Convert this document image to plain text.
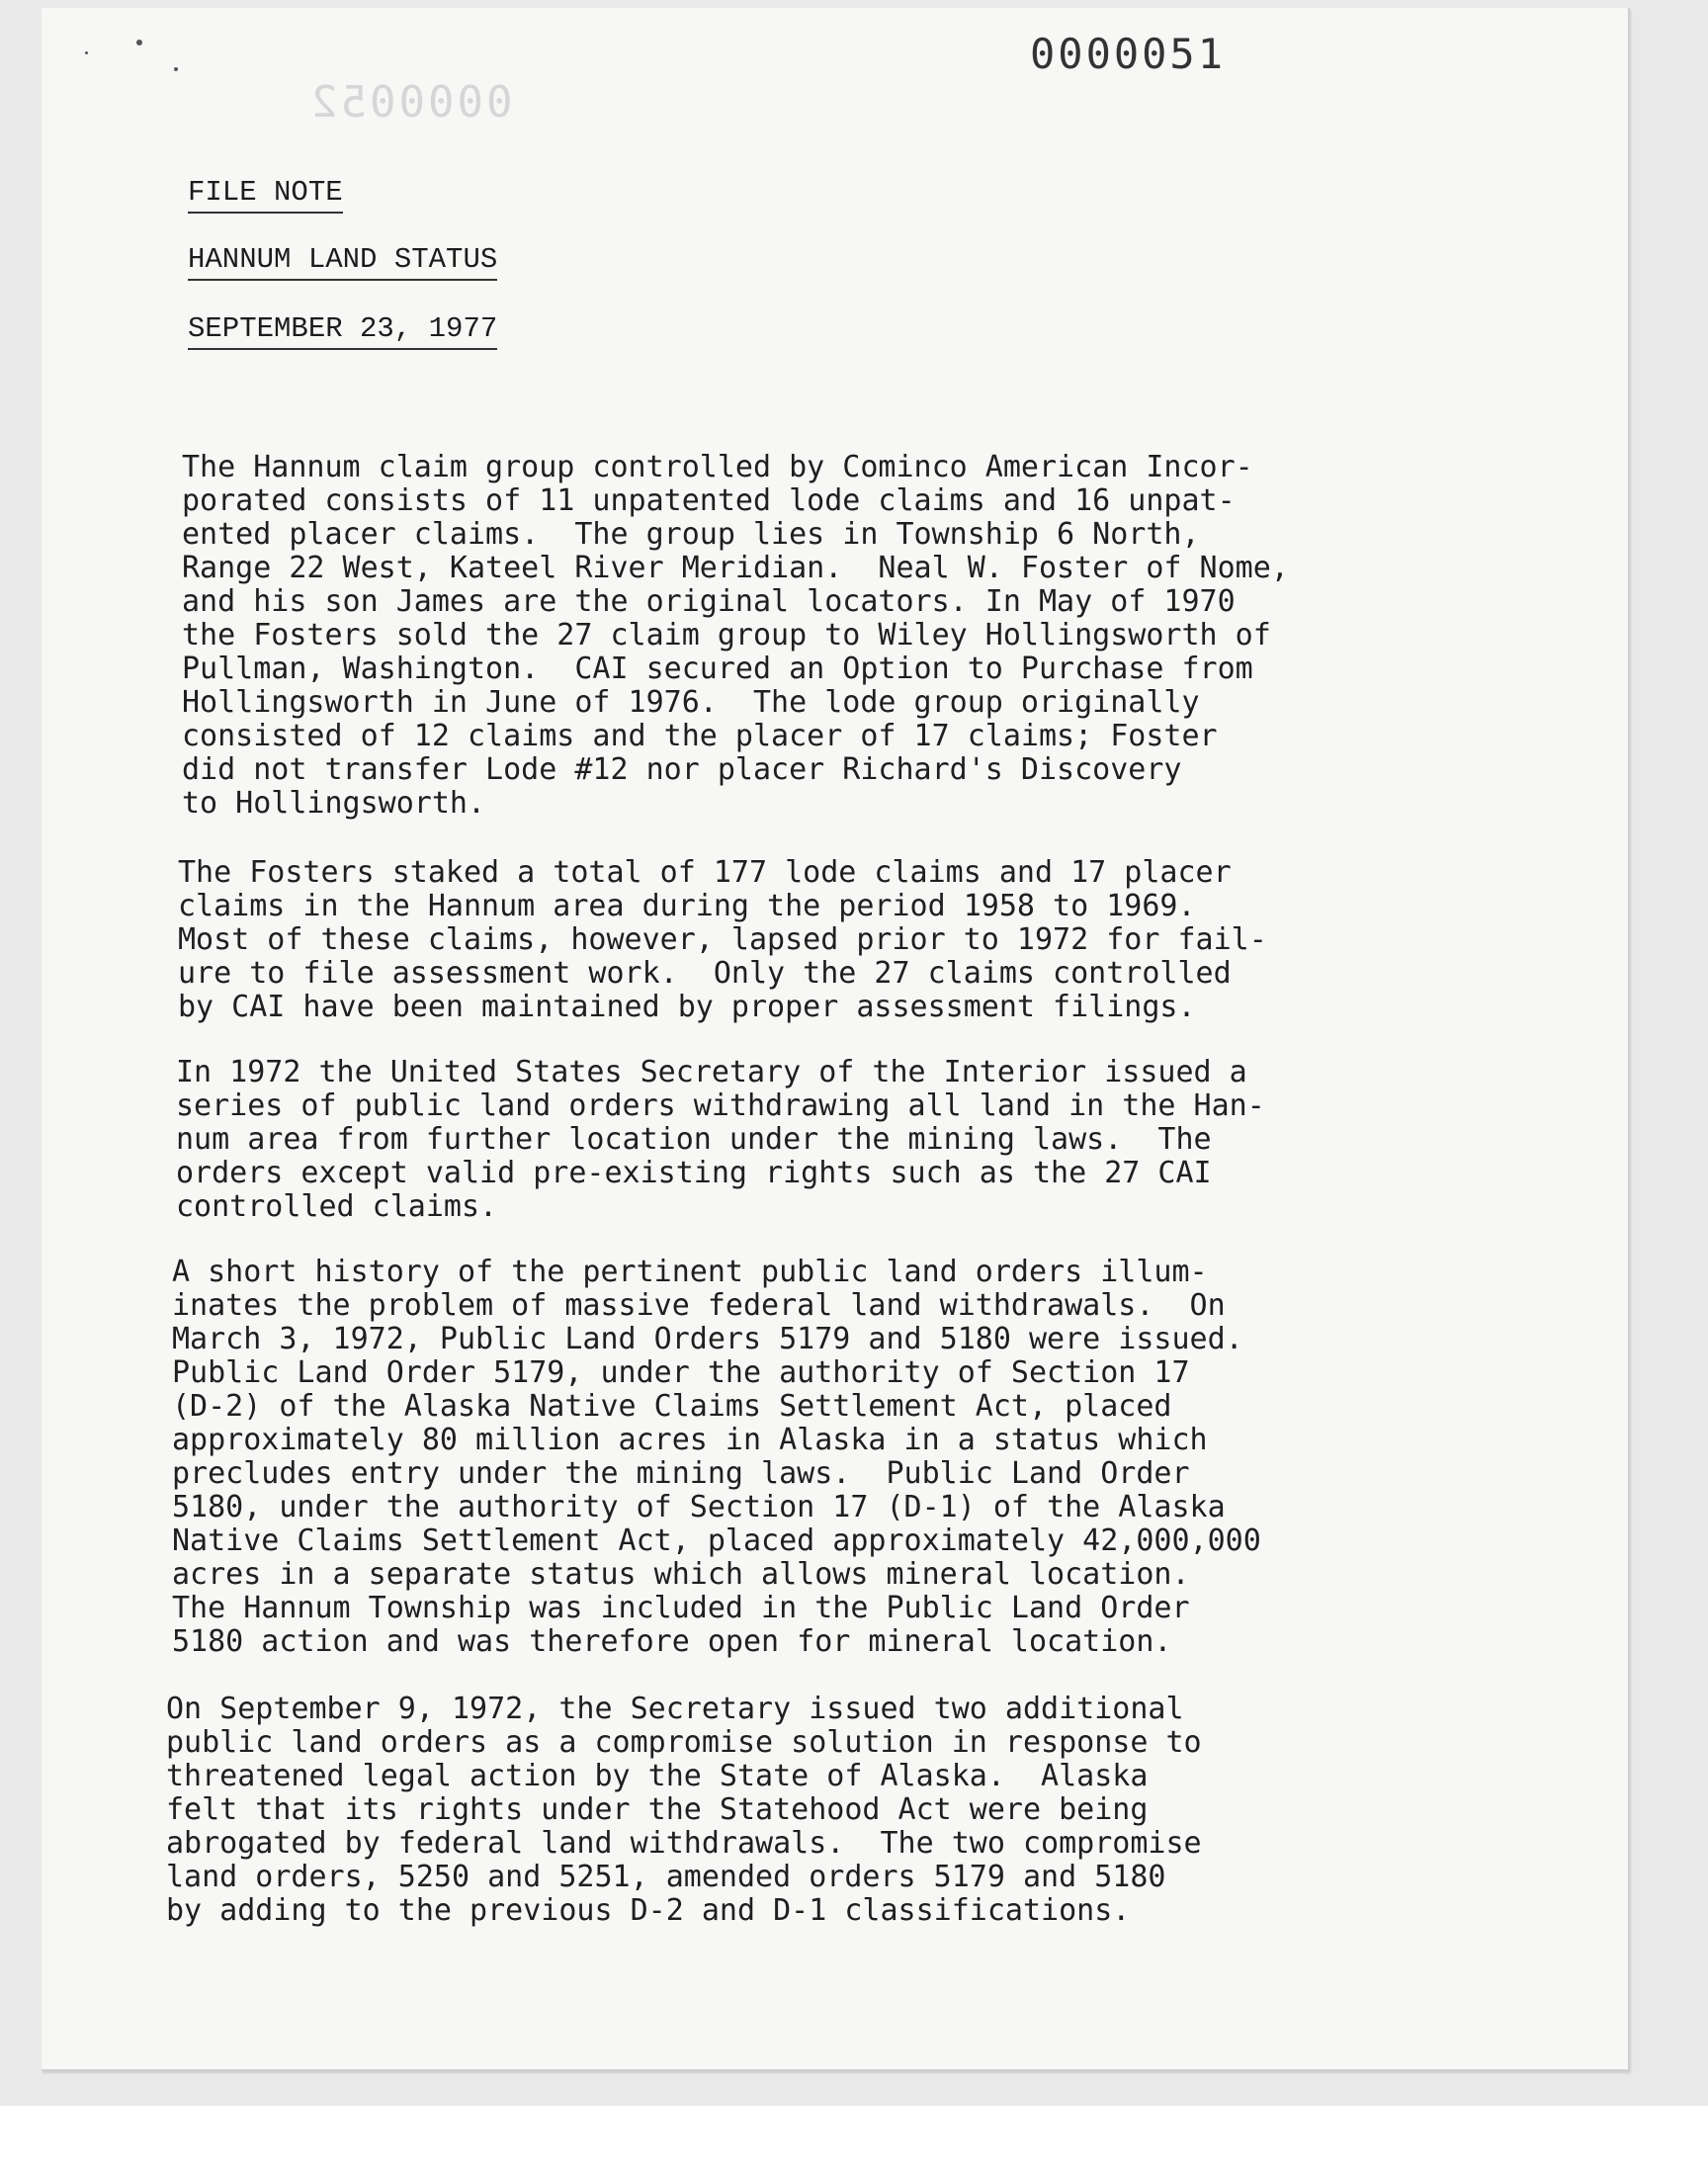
0000051
0000052
FILE NOTE
HANNUM LAND STATUS
SEPTEMBER 23, 1977
The Hannum claim group controlled by Cominco American Incor-
porated consists of 11 unpatented lode claims and 16 unpat-
ented placer claims.  The group lies in Township 6 North,
Range 22 West, Kateel River Meridian.  Neal W. Foster of Nome,
and his son James are the original locators. In May of 1970
the Fosters sold the 27 claim group to Wiley Hollingsworth of
Pullman, Washington.  CAI secured an Option to Purchase from
Hollingsworth in June of 1976.  The lode group originally
consisted of 12 claims and the placer of 17 claims; Foster
did not transfer Lode #12 nor placer Richard's Discovery
to Hollingsworth.
The Fosters staked a total of 177 lode claims and 17 placer
claims in the Hannum area during the period 1958 to 1969.
Most of these claims, however, lapsed prior to 1972 for fail-
ure to file assessment work.  Only the 27 claims controlled
by CAI have been maintained by proper assessment filings.
In 1972 the United States Secretary of the Interior issued a
series of public land orders withdrawing all land in the Han-
num area from further location under the mining laws.  The
orders except valid pre-existing rights such as the 27 CAI
controlled claims.
A short history of the pertinent public land orders illum-
inates the problem of massive federal land withdrawals.  On
March 3, 1972, Public Land Orders 5179 and 5180 were issued.
Public Land Order 5179, under the authority of Section 17
(D-2) of the Alaska Native Claims Settlement Act, placed
approximately 80 million acres in Alaska in a status which
precludes entry under the mining laws.  Public Land Order
5180, under the authority of Section 17 (D-1) of the Alaska
Native Claims Settlement Act, placed approximately 42,000,000
acres in a separate status which allows mineral location.
The Hannum Township was included in the Public Land Order
5180 action and was therefore open for mineral location.
On September 9, 1972, the Secretary issued two additional
public land orders as a compromise solution in response to
threatened legal action by the State of Alaska.  Alaska
felt that its rights under the Statehood Act were being
abrogated by federal land withdrawals.  The two compromise
land orders, 5250 and 5251, amended orders 5179 and 5180
by adding to the previous D-2 and D-1 classifications.
